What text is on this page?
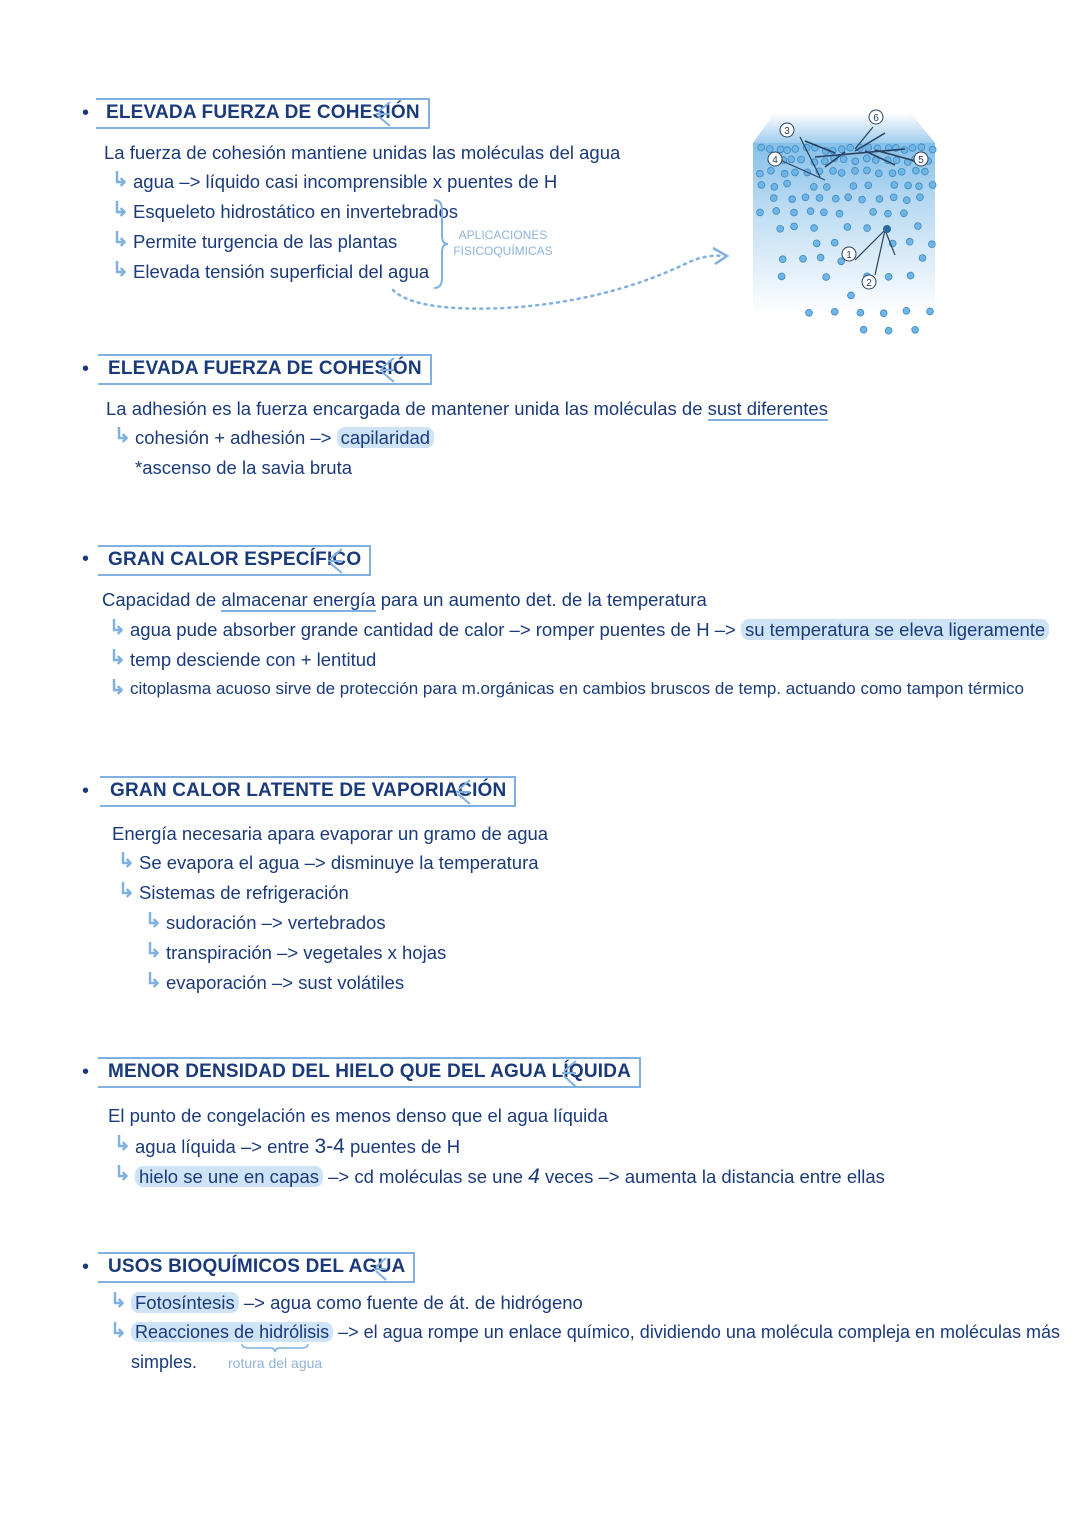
• ELEVADA FUERZA DE COHESIÓN
La fuerza de cohesión mantiene unidas las moléculas del agua
↳ agua –> líquido casi incomprensible x puentes de H
↳ Esqueleto hidrostático en invertebrados
↳ Permite turgencia de las plantas
↳ Elevada tensión superficial del agua
APLICACIONES
FISICOQUÍMICAS
3
4
6
5
1
2
• ELEVADA FUERZA DE COHESIÓN
La adhesión es la fuerza encargada de mantener unida las moléculas de sust diferentes
↳ cohesión + adhesión –> capilaridad
*ascenso de la savia bruta
• GRAN CALOR ESPECÍFICO
Capacidad de almacenar energía para un aumento det. de la temperatura
↳ agua pude absorber grande cantidad de calor –> romper puentes de H –> su temperatura se eleva ligeramente
↳ temp desciende con + lentitud
↳ citoplasma acuoso sirve de protección para m.orgánicas en cambios bruscos de temp. actuando como tampon térmico
•	GRAN CALOR LATENTE DE VAPORIACIÓN
Energía necesaria apara evaporar un gramo de agua
↳ Se evapora el agua –> disminuye la temperatura
↳ Sistemas de refrigeración
↳ sudoración –> vertebrados
↳ transpiración –> vegetales x hojas
↳ evaporación –> sust volátiles
• MENOR DENSIDAD DEL HIELO QUE DEL AGUA LÍQUIDA
El punto de congelación es menos denso que el agua líquida
↳ agua líquida –> entre 3-4 puentes de H
↳ hielo se une en capas –> cd moléculas se une 4 veces –> aumenta la distancia entre ellas
• USOS BIOQUÍMICOS DEL AGUA
↳ Fotosíntesis –> agua como fuente de át. de hidrógeno
↳ Reacciones de hidrólisis –> el agua rompe un enlace químico, dividiendo una molécula compleja en moléculas más
simples. rotura del agua
